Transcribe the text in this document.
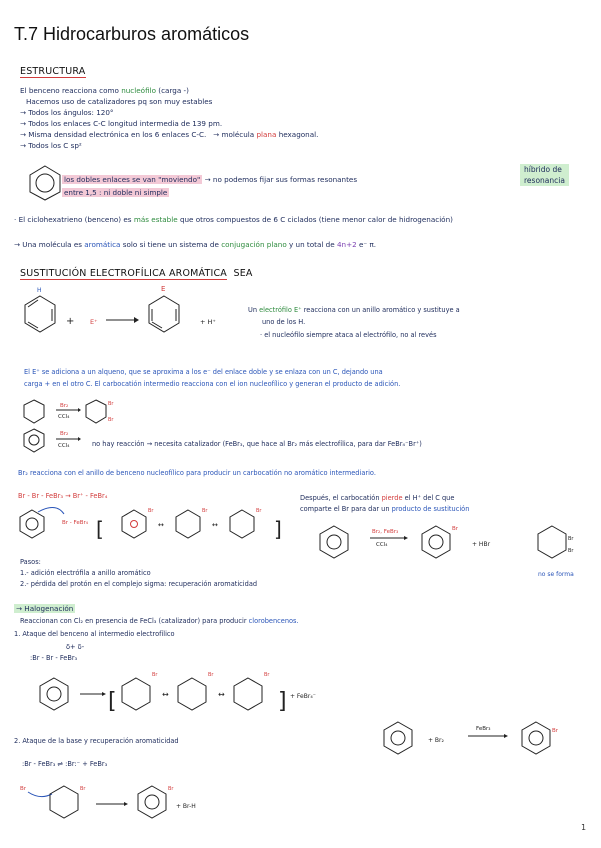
T.7 Hidrocarburos aromáticos
ESTRUCTURA
El benceno reacciona como nucleófilo (carga -)
Hacemos uso de catalizadores pq son muy estables
→ Todos los ángulos: 120°
→ Todos los enlaces C-C longitud intermedia de 139 pm.
→ Misma densidad electrónica en los 6 enlaces C-C. → molécula plana hexagonal.
→ Todos los C sp²
los dobles enlaces se van "moviendo" → no podemos fijar sus formas resonantes
entre 1,5 : ni doble ni simple
híbrido de
resonancia
· El ciclohexatrieno (benceno) es más estable que otros compuestos de 6 C ciclados (tiene menor calor de hidrogenación)
→ Una molécula es aromática solo si tiene un sistema de conjugación plano y un total de 4n+2 e⁻ π.
SUSTITUCIÓN ELECTROFÍLICA AROMÁTICA SEA
H
+ E⁺
E
+ H⁺
Un electrófilo E⁺ reacciona con un anillo aromático y sustituye a
uno de los H.
· el nucleófilo siempre ataca al electrófilo, no al revés
El E⁺ se adiciona a un alqueno, que se aproxima a los e⁻ del enlace doble y se enlaza con un C, dejando una
carga + en el otro C. El carbocatión intermedio reacciona con el ion nucleofílico y generan el producto de adición.
Br₂
CCl₄
Br
Br
Br₂
CCl₄	no hay reacción → necesita catalizador (FeBr₃, que hace al Br₂ más electrofílica, para dar FeBr₄⁻Br⁺)
Br₂ reacciona con el anillo de benceno nucleofílico para producir un carbocatión no aromático intermediario.
Br - Br - FeBr₃ → Br⁺ - FeBr₄
Br - FeBr₄ [
Br
↔
Br
↔
Br
]
Después, el carbocatión pierde el H⁺ del C que
comparte el Br para dar un producto de sustitución
Br₂, FeBr₃
CCl₄
Br
+ HBr
Br
Br
no se forma
Pasos:
1.- adición electrófila a anillo aromático
2.- pérdida del protón en el complejo sigma: recuperación aromaticidad
→ Halogenación
Reaccionan con Cl₂ en presencia de FeCl₃ (catalizador) para producir clorobencenos.
1. Ataque del benceno al intermedio electrofílico
δ+ δ-
:Br - Br - FeBr₃
[
Br
↔
Br
↔
Br
] + FeBr₄⁻
2. Ataque de la base y recuperación aromaticidad
:Br - FeBr₃ ⇌ :Br:⁻ + FeBr₃
Br	Br	Br
+ Br-H
+ Br₂
FeBr₃	Br
1
